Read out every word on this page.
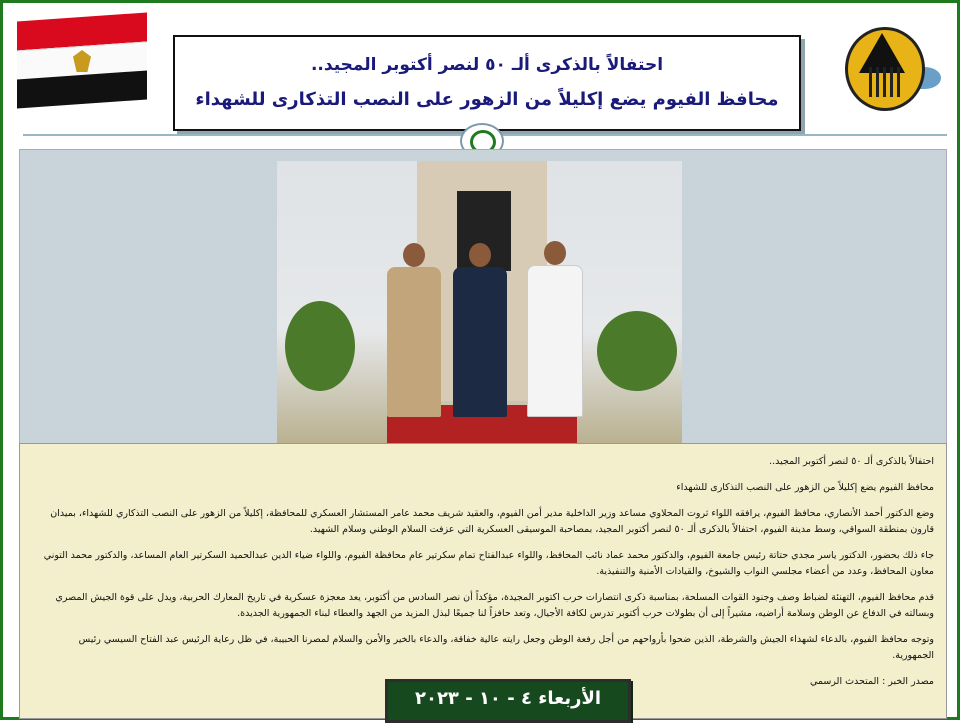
احتفالاً بالذكرى ألـ ٥٠ لنصر أكتوبر المجيد..
محافظ الفيوم يضع إكليلاً من الزهور على النصب التذكارى للشهداء

احتفالاً بالذكرى ألـ ٥٠ لنصر أكتوبر المجيد..

محافظ الفيوم يضع إكليلاً من الزهور على النصب التذكارى للشهداء

وضع الدكتور أحمد الأنصاري، محافظ الفيوم، يرافقه اللواء ثروت المحلاوي مساعد وزير الداخلية مدير أمن الفيوم، والعقيد شريف محمد عامر المستشار العسكري للمحافظة، إكليلاً من الزهور على النصب التذكاري للشهداء، بميدان قارون بمنطقة السواقي، وسط مدينة الفيوم، احتفالاً بالذكرى ألـ ٥٠ لنصر أكتوبر المجيد، بمصاحبة الموسيقى العسكرية التي عزفت السلام الوطني وسلام الشهيد.

جاء ذلك بحضور، الدكتور ياسر مجدي حتاتة رئيس جامعة الفيوم، والدكتور محمد عماد نائب المحافظ، واللواء عبدالفتاح تمام سكرتير عام محافظة الفيوم، واللواء ضياء الدين عبدالحميد السكرتير العام المساعد، والدكتور محمد التوني معاون المحافظ، وعدد من أعضاء مجلسي النواب والشيوخ، والقيادات الأمنية والتنفيذية.

قدم محافظ الفيوم، التهنئة لضباط وصف وجنود القوات المسلحة، بمناسبة ذكرى انتصارات حرب اكتوبر المجيدة، مؤكداً أن نصر السادس من أكتوبر، يعد معجزة عسكرية في تاريخ المعارك الحربية، ويدل على قوة الجيش المصري وبسالته في الدفاع عن الوطن وسلامة أراضيه، مشيراً إلى أن بطولات حرب أكتوبر تدرس لكافة الأجيال، وتعد حافزاً لنا جميعًا لبذل المزيد من الجهد والعطاء لبناء الجمهورية الجديدة.

وتوجه محافظ الفيوم، بالدعاء لشهداء الجيش والشرطة، الذين ضحوا بأرواحهم من أجل رفعة الوطن وجعل رايته عالية خفاقة، والدعاء بالخير والأمن والسلام لمصرنا الحبيبة، في ظل رعاية الرئيس عبد الفتاح السيسي رئيس الجمهورية.

مصدر الخبر : المتحدث الرسمي

الأربعاء ٤ - ١٠ - ٢٠٢٣
